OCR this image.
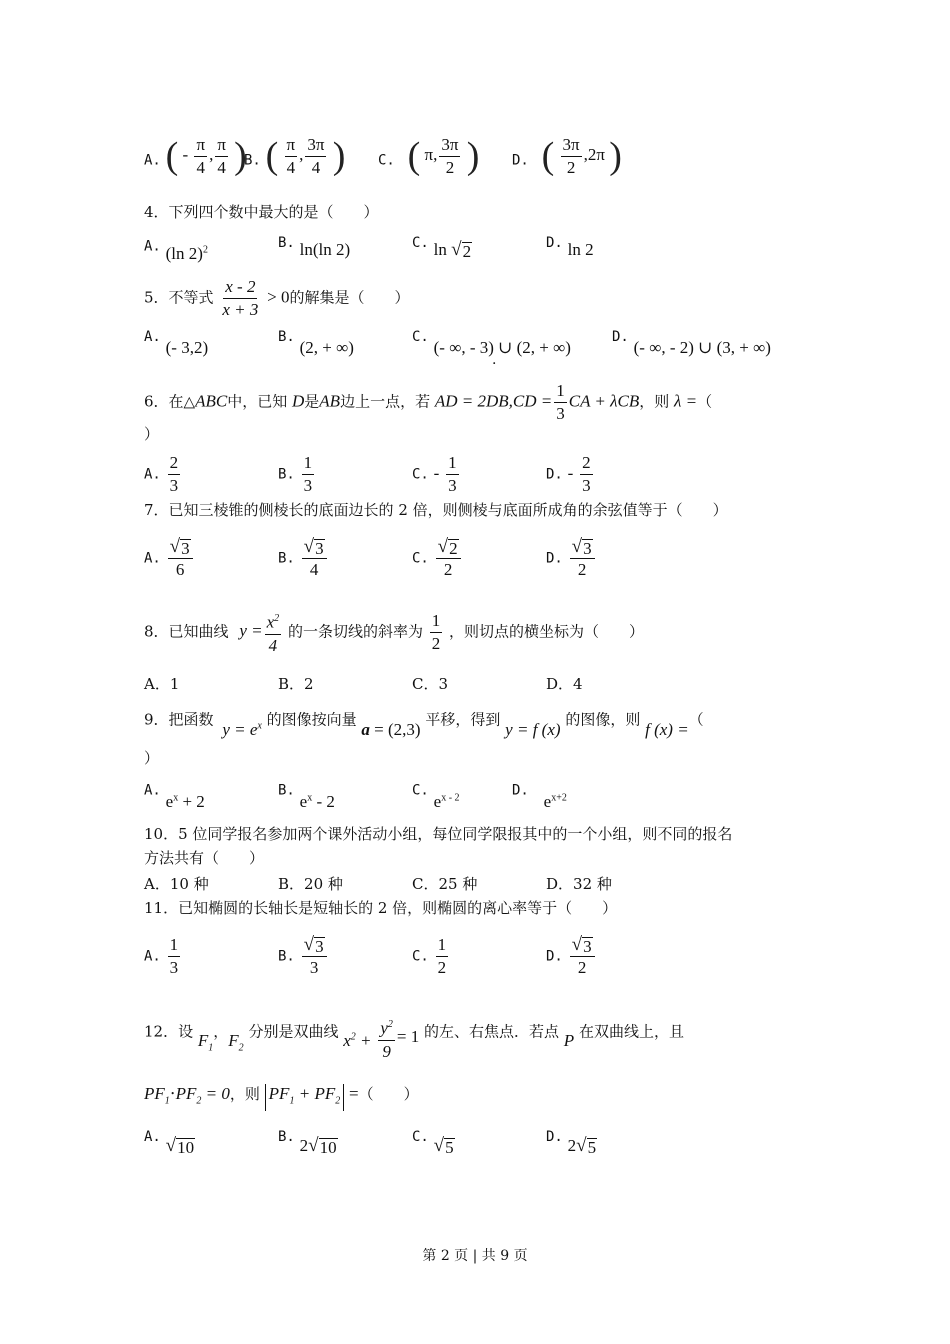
A. ( - $\frac{\pi}{4}$ , $\frac{\pi}{4}$ )
B. ( $\frac{\pi}{4}$ , $\frac{3\pi}{4}$ ) C. ( π, $\frac{3\pi}{2}$ ) D. ( $\frac{3\pi}{2} ,2\pi$ )
4．下列四个数中最大的是（　　）
A. (ln 2)$^2$	B. ln(ln 2)	C. ln √ 2	D. ln 2
5．不等式 $\frac{x - 2}{x + 3} > 0$的解集是（　　）
A. (- 3,2)
B. (2, + ∞)
C. (- ∞, - 3) ∪ (2, + ∞)
·
D. (- ∞, - 2) ∪ (3, + ∞)
6．在△ABC中，已知 D是AB边上一点，若 AD = $2DB,CD = \frac{1}{3}$ CA + λCB，则 λ =（
）
A. $\frac{2}{3}$	B. $\frac{1}{3}$	C. - $\frac{1}{3}$	D. - $\frac{2}{3}$
7．已知三棱锥的侧棱长的底面边长的 2 倍，则侧棱与底面所成角的余弦值等于（　　）
A. $\frac{√ 3}{6}$	B. $\frac{√ 3}{4}$	C. $\frac{√ 2}{2}$	D. $\frac{√ 3}{2}$
8．已知曲线 $y = \frac{x^2}{4}$ 的一条切线的斜率为 $\frac{1}{2}$ ，则切点的横坐标为（　　）
A．1	B．2	C．3	D．4
9．把函数 $y = e^x$ 的图像按向量 a = (2,3) 平移，得到 y = f (x) 的图像，则 f (x) =（
）
A. $e^x + 2$
B. $e^x - 2$
C. $e^{x - 2}$	D. $e^{x+2}$
10．5 位同学报名参加两个课外活动小组，每位同学限报其中的一个小组，则不同的报名
方法共有（　　）
A．10 种	B．20 种	C．25 种	D．32 种
11．已知椭圆的长轴长是短轴长的 2 倍，则椭圆的离心率等于（　　）
A. $\frac{1}{3}$	B. $\frac{√ 3}{3}$	C. $\frac{1}{2}$	D. $\frac{√ 3}{2}$
12．设 $F_1$，$F_2$ 分别是双曲线 $x^2 + \frac{y^2}{9} = 1$ 的左、右焦点．若点 P 在双曲线上，且
$PF_1\cdot PF_2 = 0$，则 $PF_1 + PF_2$ =（　　）
A. √ 10
B. 2 √ 10
C. √ 5
D. 2 √ 5
第 2 页 | 共 9 页
